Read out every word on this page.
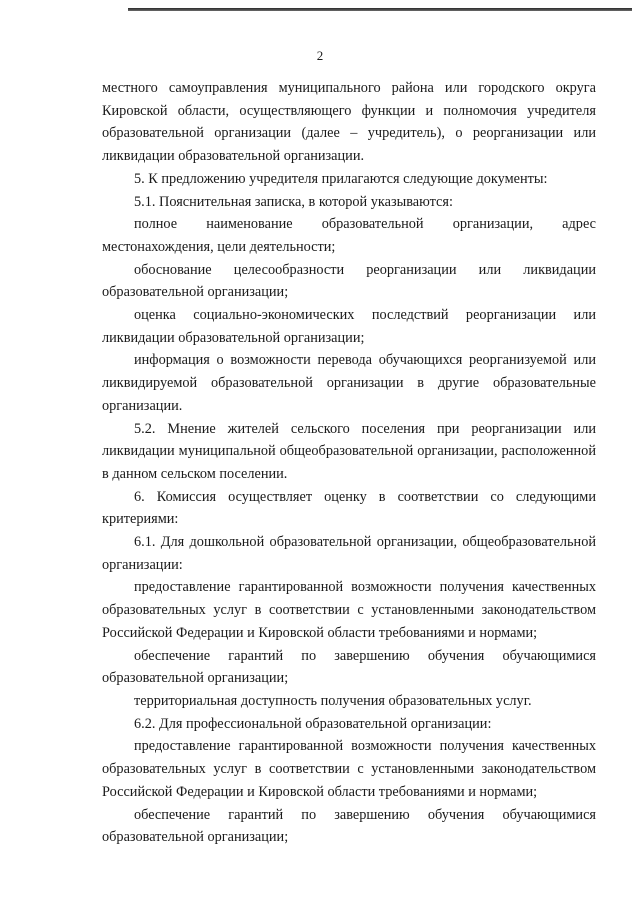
2

местного самоуправления муниципального района или городского округа Кировской области, осуществляющего функции и полномочия учредителя образовательной организации (далее – учредитель), о реорганизации или ликвидации образовательной организации.

5. К предложению учредителя прилагаются следующие документы:

5.1. Пояснительная записка, в которой указываются:

полное наименование образовательной организации, адрес местонахождения, цели деятельности;

обоснование целесообразности реорганизации или ликвидации образовательной организации;

оценка социально-экономических последствий реорганизации или ликвидации образовательной организации;

информация о возможности перевода обучающихся реорганизуемой или ликвидируемой образовательной организации в другие образовательные организации.

5.2. Мнение жителей сельского поселения при реорганизации или ликвидации муниципальной общеобразовательной организации, расположенной в данном сельском поселении.

6. Комиссия осуществляет оценку в соответствии со следующими критериями:

6.1. Для дошкольной образовательной организации, общеобразовательной организации:

предоставление гарантированной возможности получения качественных образовательных услуг в соответствии с установленными законодательством Российской Федерации и Кировской области требованиями и нормами;

обеспечение гарантий по завершению обучения обучающимися образовательной организации;

территориальная доступность получения образовательных услуг.

6.2. Для профессиональной образовательной организации:

предоставление гарантированной возможности получения качественных образовательных услуг в соответствии с установленными законодательством Российской Федерации и Кировской области требованиями и нормами;

обеспечение гарантий по завершению обучения обучающимися образовательной организации;
